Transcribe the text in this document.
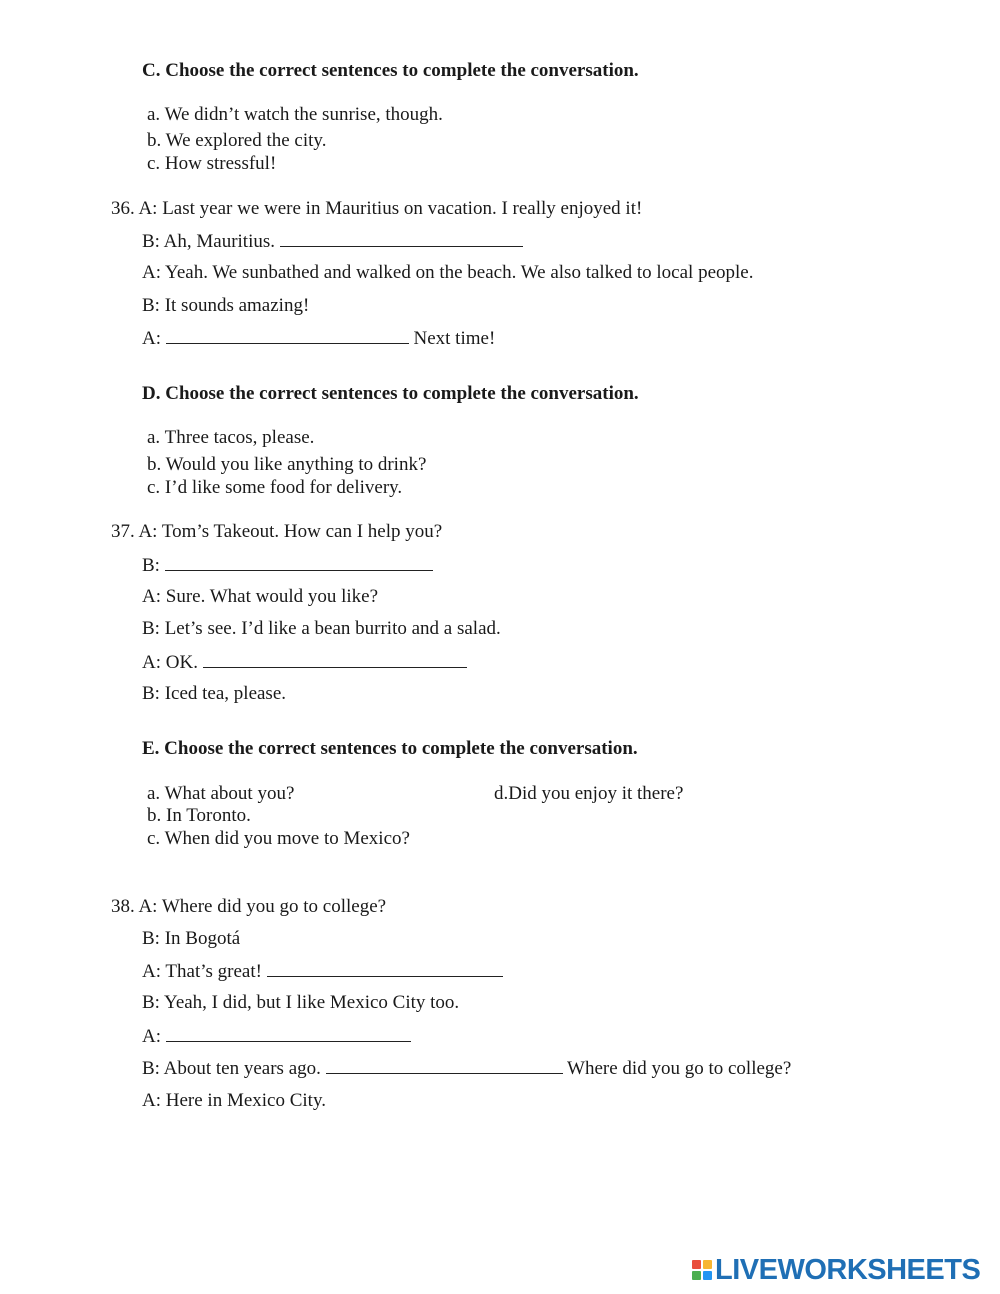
C. Choose the correct sentences to complete the conversation.
a. We didn’t watch the sunrise, though.
b. We explored the city.
c. How stressful!
36. A: Last year we were in Mauritius on vacation. I really enjoyed it!
B: Ah, Mauritius.
A: Yeah. We sunbathed and walked on the beach. We also talked to local people.
B: It sounds amazing!
A:	Next time!
D. Choose the correct sentences to complete the conversation.
a. Three tacos, please.
b. Would you like anything to drink?
c. I’d like some food for delivery.
37. A: Tom’s Takeout. How can I help you?
B:
A: Sure. What would you like?
B: Let’s see. I’d like a bean burrito and a salad.
A: OK.
B: Iced tea, please.
E. Choose the correct sentences to complete the conversation.
a. What about you?	d.Did you enjoy it there?
b. In Toronto.
c. When did you move to Mexico?
38. A: Where did you go to college?
B: In Bogotá
A: That’s great!
B: Yeah, I did, but I like Mexico City too.
A:
B: About ten years ago.	Where did you go to college?
A: Here in Mexico City.
LIVEWORKSHEETS
